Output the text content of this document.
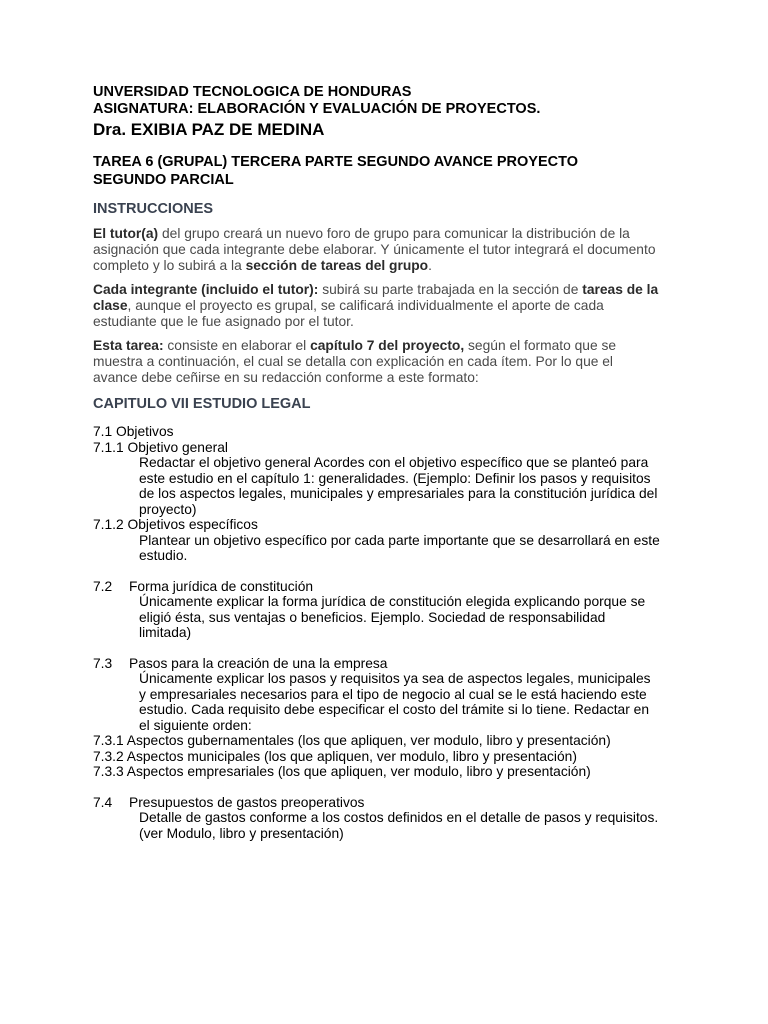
UNVERSIDAD TECNOLOGICA DE HONDURAS
ASIGNATURA: ELABORACIÓN Y EVALUACIÓN DE PROYECTOS.
Dra. EXIBIA PAZ DE MEDINA
TAREA 6 (GRUPAL) TERCERA PARTE SEGUNDO AVANCE PROYECTO
SEGUNDO PARCIAL
INSTRUCCIONES
El tutor(a) del grupo creará un nuevo foro de grupo para comunicar la distribución de la
asignación que cada integrante debe elaborar. Y únicamente el tutor integrará el documento
completo y lo subirá a la sección de tareas del grupo.
Cada integrante (incluido el tutor): subirá su parte trabajada en la sección de tareas de la
clase, aunque el proyecto es grupal, se calificará individualmente el aporte de cada
estudiante que le fue asignado por el tutor.
Esta tarea: consiste en elaborar el capítulo 7 del proyecto, según el formato que se
muestra a continuación, el cual se detalla con explicación en cada ítem. Por lo que el
avance debe ceñirse en su redacción conforme a este formato:
CAPITULO VII ESTUDIO LEGAL
7.1 Objetivos
7.1.1 Objetivo general
Redactar el objetivo general Acordes con el objetivo específico que se planteó para
este estudio en el capítulo 1: generalidades. (Ejemplo: Definir los pasos y requisitos
de los aspectos legales, municipales y empresariales para la constitución jurídica del
proyecto)
7.1.2 Objetivos específicos
Plantear un objetivo específico por cada parte importante que se desarrollará en este
estudio.
7.2 Forma jurídica de constitución
Únicamente explicar la forma jurídica de constitución elegida explicando porque se
eligió ésta, sus ventajas o beneficios. Ejemplo. Sociedad de responsabilidad
limitada)
7.3 Pasos para la creación de una la empresa
Únicamente explicar los pasos y requisitos ya sea de aspectos legales, municipales
y empresariales necesarios para el tipo de negocio al cual se le está haciendo este
estudio. Cada requisito debe especificar el costo del trámite si lo tiene. Redactar en
el siguiente orden:
7.3.1 Aspectos gubernamentales (los que apliquen, ver modulo, libro y presentación)
7.3.2 Aspectos municipales (los que apliquen, ver modulo, libro y presentación)
7.3.3 Aspectos empresariales (los que apliquen, ver modulo, libro y presentación)
7.4 Presupuestos de gastos preoperativos
Detalle de gastos conforme a los costos definidos en el detalle de pasos y requisitos.
(ver Modulo, libro y presentación)
